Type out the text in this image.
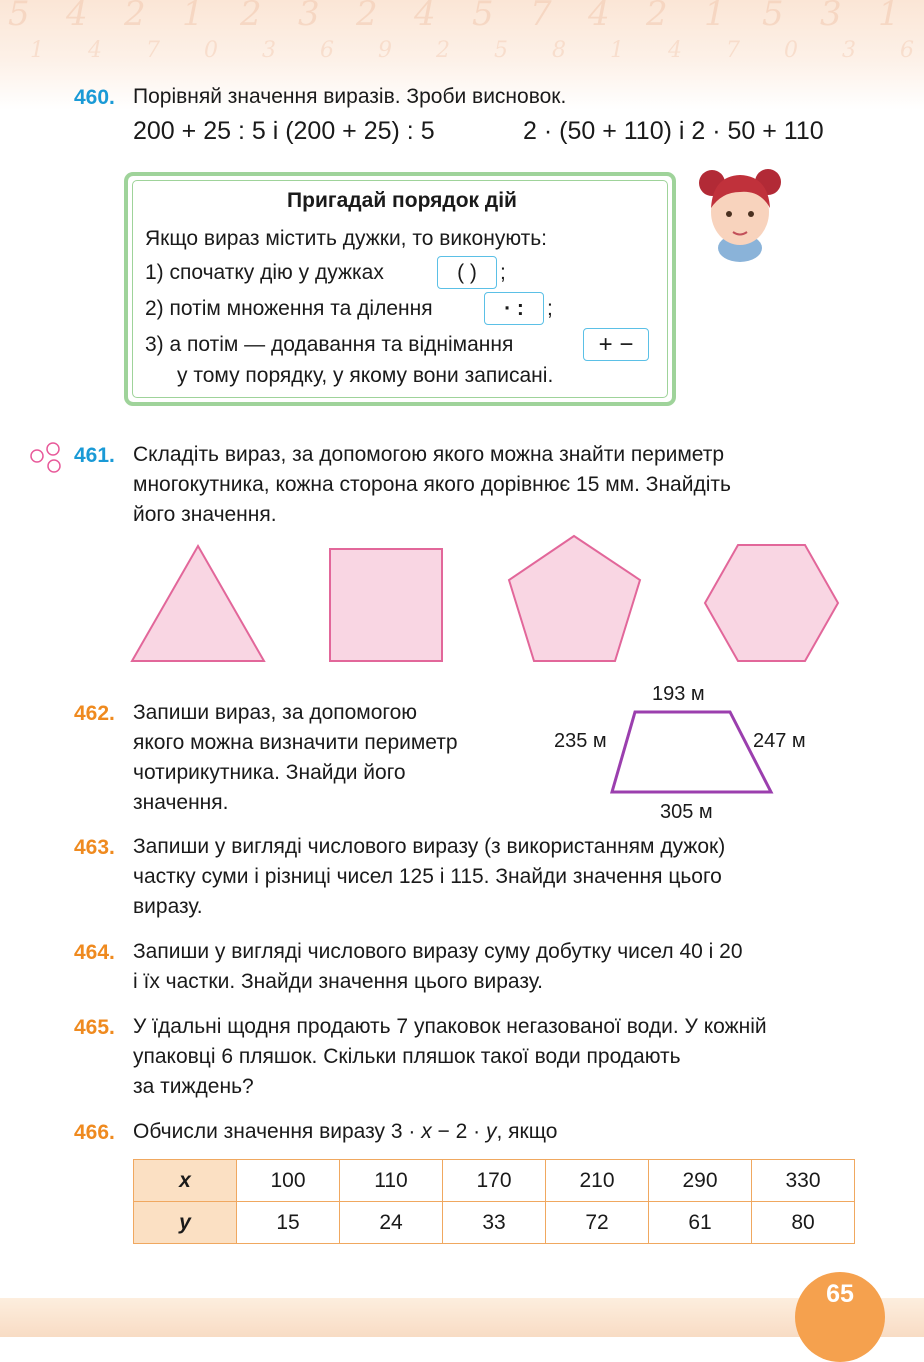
5
1
4
4
2
7
1
0
2
3
3
6
2
9
4
2
5
5
7
8
4
1
2
4
1
7
5
0
3
3
1
6
460. Порівняй значення виразів. Зроби висновок.
200 + 25 : 5 і (200 + 25) : 5	2 · (50 + 110) і 2 · 50 + 110
Пригадай порядок дій
Якщо вираз містить дужки, то виконують:
1) спочатку дію у дужках	( )	;
2) потім множення та ділення	· :	;
3) а потім — додавання та віднімання	+ −
у тому порядку, у якому вони записані.
461. Складіть вираз, за допомогою якого можна знайти периметр
многокутника, кожна сторона якого дорівнює 15 мм. Знайдіть
його значення.
462. Запиши вираз, за допомогою
якого можна визначити периметр
чотирикутника. Знайди його
значення.
193 м
235 м	247 м
305 м
463. Запиши у вигляді числового виразу (з використанням дужок)
частку суми і різниці чисел 125 і 115. Знайди значення цього
виразу.
464. Запиши у вигляді числового виразу суму добутку чисел 40 і 20
і їх частки. Знайди значення цього виразу.
465. У їдальні щодня продають 7 упаковок негазованої води. У кожній
упаковці 6 пляшок. Скільки пляшок такої води продають
за тиждень?
466. Обчисли значення виразу 3 · x − 2 · y, якщо
x	100	110	170	210	290	330
y	15	24	33	72	61	80
65
